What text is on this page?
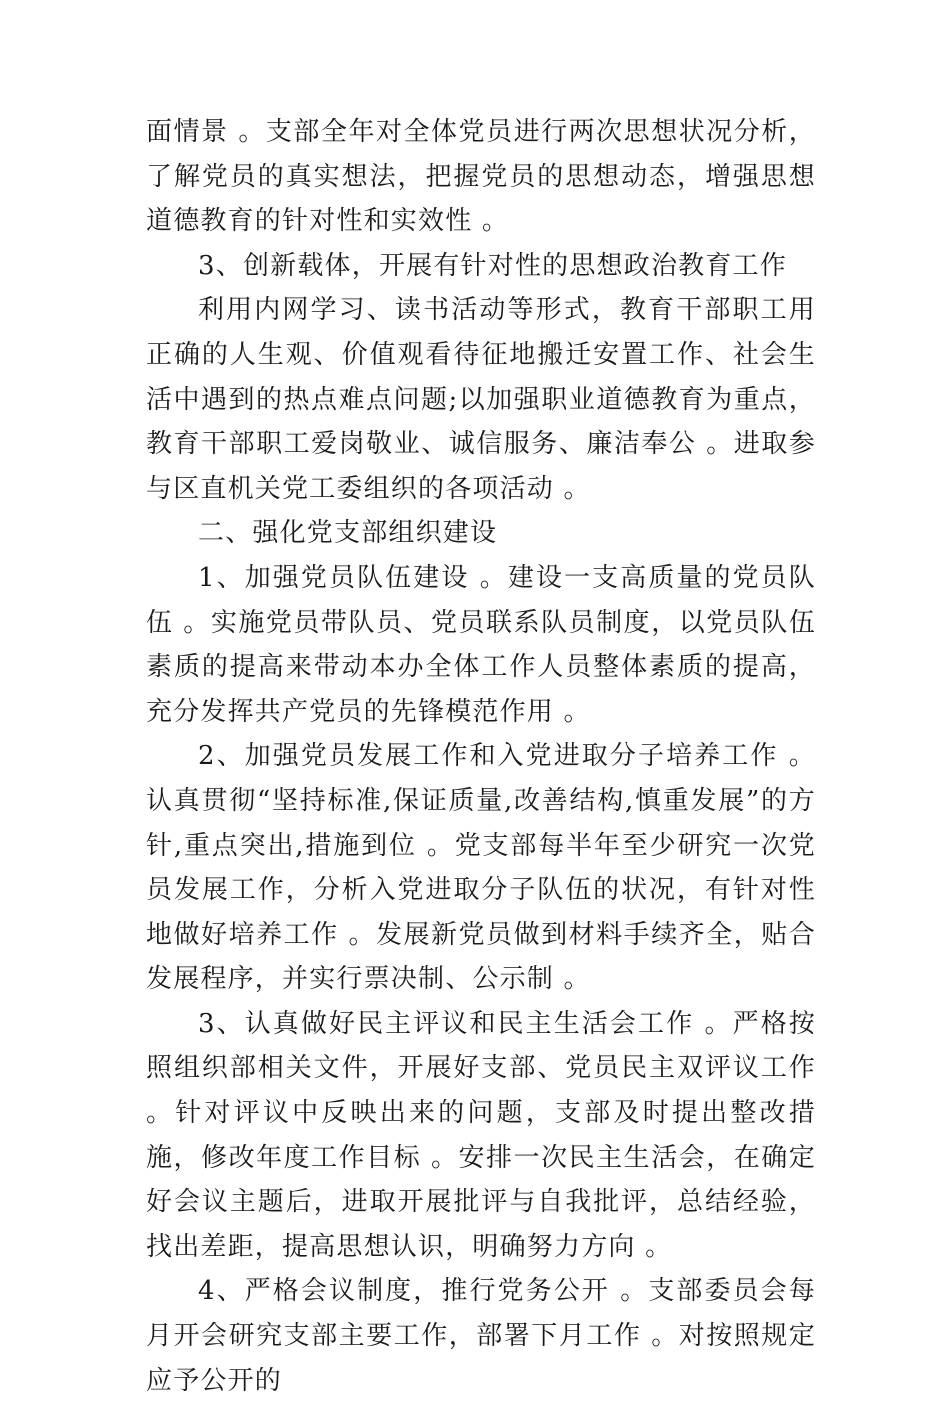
面情景 。支部全年对全体党员进行两次思想状况分析，了解党员的真实想法，把握党员的思想动态，增强思想道德教育的针对性和实效性 。

3、创新载体，开展有针对性的思想政治教育工作

利用内网学习、读书活动等形式，教育干部职工用正确的人生观、价值观看待征地搬迁安置工作、社会生活中遇到的热点难点问题;以加强职业道德教育为重点，教育干部职工爱岗敬业、诚信服务、廉洁奉公 。进取参与区直机关党工委组织的各项活动 。

二、强化党支部组织建设

1、加强党员队伍建设 。建设一支高质量的党员队伍 。实施党员带队员、党员联系队员制度，以党员队伍素质的提高来带动本办全体工作人员整体素质的提高，充分发挥共产党员的先锋模范作用 。

2、加强党员发展工作和入党进取分子培养工作 。认真贯彻“坚持标准,保证质量,改善结构,慎重发展”的方针,重点突出,措施到位 。党支部每半年至少研究一次党员发展工作，分析入党进取分子队伍的状况，有针对性地做好培养工作 。发展新党员做到材料手续齐全，贴合发展程序，并实行票决制、公示制 。

3、认真做好民主评议和民主生活会工作 。严格按照组织部相关文件，开展好支部、党员民主双评议工作 。针对评议中反映出来的问题，支部及时提出整改措施，修改年度工作目标 。安排一次民主生活会，在确定好会议主题后，进取开展批评与自我批评，总结经验，找出差距，提高思想认识，明确努力方向 。

4、严格会议制度，推行党务公开 。支部委员会每月开会研究支部主要工作，部署下月工作 。对按照规定应予公开的
